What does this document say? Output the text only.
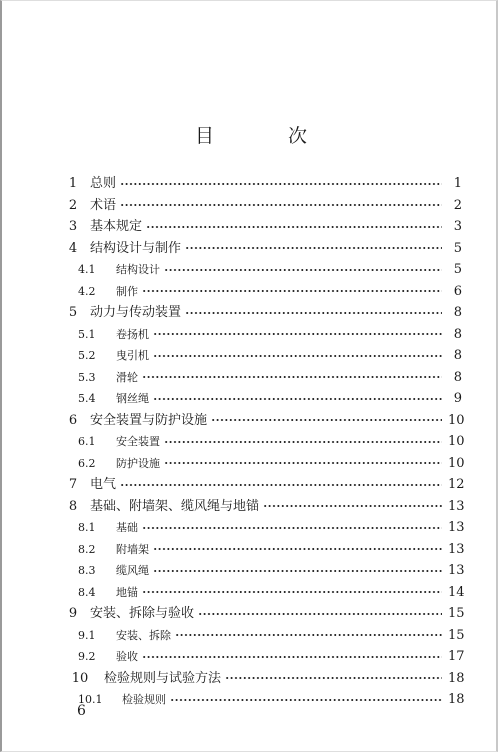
目 次
1 总则	1
2 术语	2
3 基本规定	3
4 结构设计与制作	5
4.1	结构设计	5
4.2	制作	6
5 动力与传动装置	8
5.1	卷扬机	8
5.2	曳引机	8
5.3	滑轮	8
5.4	钢丝绳	9
6 安全装置与防护设施	10
6.1	安全装置	10
6.2	防护设施	10
7 电气	12
8 基础、附墙架、缆风绳与地锚	13
8.1	基础	13
8.2	附墙架	13
8.3	缆风绳	13
8.4	地锚	14
9 安装、拆除与验收	15
9.1	安装、拆除	15
9.2	验收	17
10	检验规则与试验方法	18
10.1	检验规则	18
6
